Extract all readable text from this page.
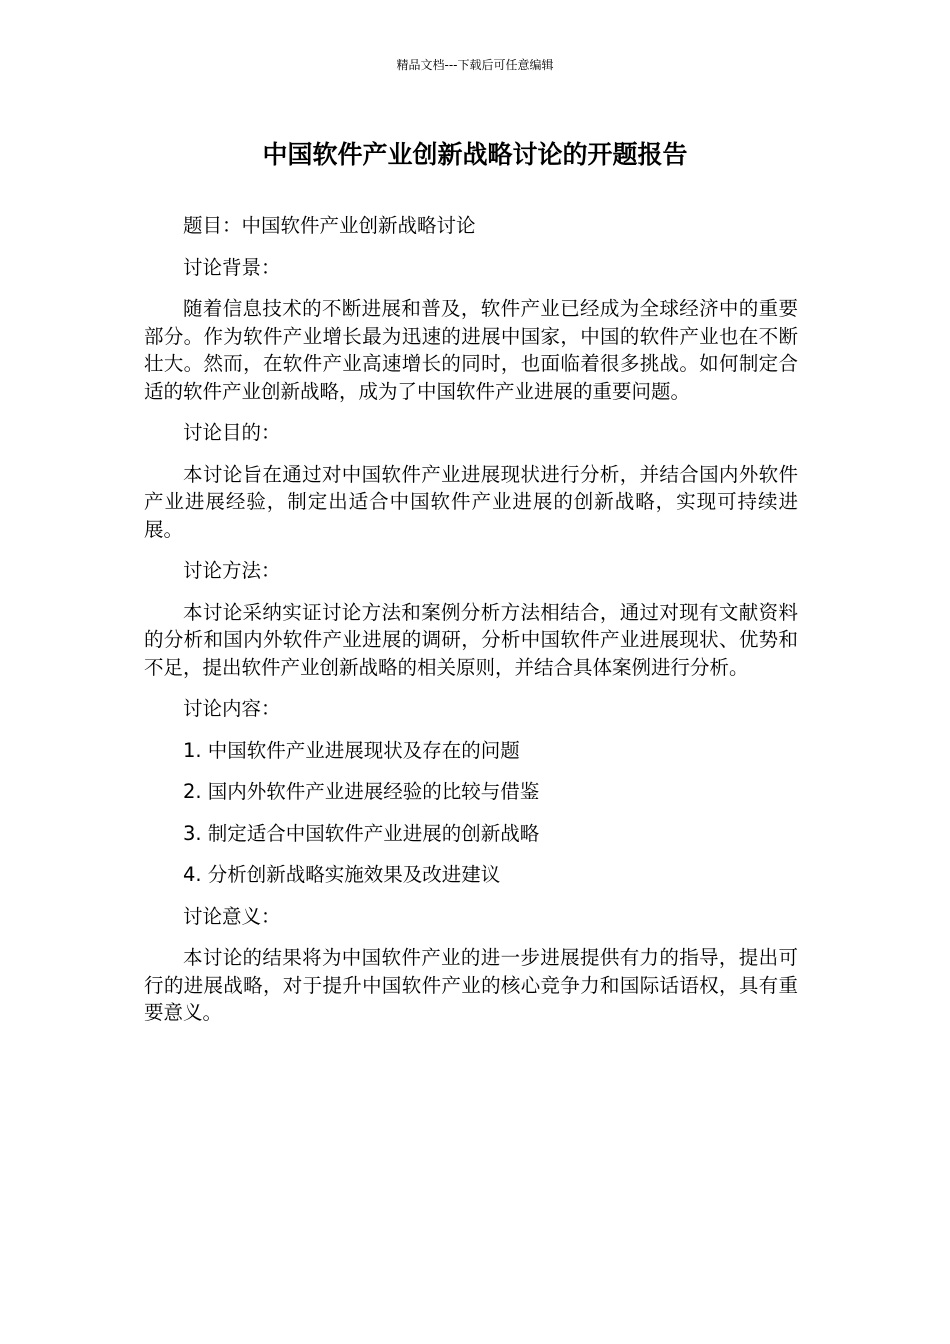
精品文档---下载后可任意编辑
中国软件产业创新战略讨论的开题报告

题目：中国软件产业创新战略讨论

讨论背景：

随着信息技术的不断进展和普及，软件产业已经成为全球经济中的重要部分。作为软件产业增长最为迅速的进展中国家，中国的软件产业也在不断壮大。然而，在软件产业高速增长的同时，也面临着很多挑战。如何制定合适的软件产业创新战略，成为了中国软件产业进展的重要问题。

讨论目的：

本讨论旨在通过对中国软件产业进展现状进行分析，并结合国内外软件产业进展经验，制定出适合中国软件产业进展的创新战略，实现可持续进展。

讨论方法：

本讨论采纳实证讨论方法和案例分析方法相结合，通过对现有文献资料的分析和国内外软件产业进展的调研，分析中国软件产业进展现状、优势和不足，提出软件产业创新战略的相关原则，并结合具体案例进行分析。

讨论内容：

1. 中国软件产业进展现状及存在的问题

2. 国内外软件产业进展经验的比较与借鉴

3. 制定适合中国软件产业进展的创新战略

4. 分析创新战略实施效果及改进建议

讨论意义：

本讨论的结果将为中国软件产业的进一步进展提供有力的指导，提出可行的进展战略，对于提升中国软件产业的核心竞争力和国际话语权，具有重要意义。
